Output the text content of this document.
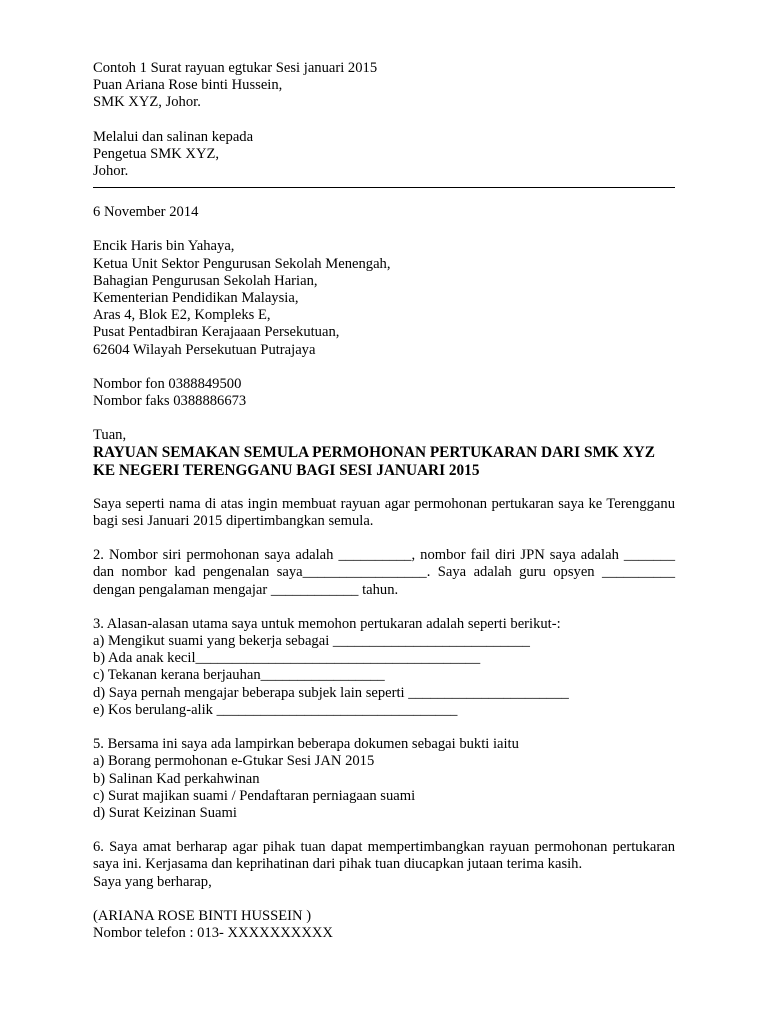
Contoh 1 Surat rayuan egtukar Sesi januari 2015
Puan Ariana Rose binti Hussein,
SMK XYZ, Johor.
Melalui dan salinan kepada
Pengetua SMK XYZ,
Johor.
6 November 2014
Encik Haris bin Yahaya,
Ketua Unit Sektor Pengurusan Sekolah Menengah,
Bahagian Pengurusan Sekolah Harian,
Kementerian Pendidikan Malaysia,
Aras 4, Blok E2, Kompleks E,
Pusat Pentadbiran Kerajaaan Persekutuan,
62604 Wilayah Persekutuan Putrajaya
Nombor fon 0388849500
Nombor faks 0388886673
Tuan,
RAYUAN SEMAKAN SEMULA PERMOHONAN PERTUKARAN DARI SMK XYZ
KE NEGERI TERENGGANU BAGI SESI JANUARI 2015
Saya seperti nama di atas ingin membuat rayuan agar permohonan pertukaran saya ke Terengganu bagi sesi Januari 2015 dipertimbangkan semula.
2. Nombor siri permohonan saya adalah __________, nombor fail diri JPN saya adalah _______ dan nombor kad pengenalan saya_________________. Saya adalah guru opsyen __________ dengan pengalaman mengajar ____________ tahun.
3. Alasan-alasan utama saya untuk memohon pertukaran adalah seperti berikut-:
a) Mengikut suami yang bekerja sebagai ___________________________
b) Ada anak kecil_______________________________________
c) Tekanan kerana berjauhan_________________
d) Saya pernah mengajar beberapa subjek lain seperti ______________________
e) Kos berulang-alik _________________________________
5. Bersama ini saya ada lampirkan beberapa dokumen sebagai bukti iaitu
a) Borang permohonan e-Gtukar Sesi JAN 2015
b) Salinan Kad perkahwinan
c) Surat majikan suami / Pendaftaran perniagaan suami
d) Surat Keizinan Suami
6. Saya amat berharap agar pihak tuan dapat mempertimbangkan rayuan permohonan pertukaran saya ini. Kerjasama dan keprihatinan dari pihak tuan diucapkan jutaan terima kasih.
Saya yang berharap,
(ARIANA ROSE BINTI HUSSEIN )
Nombor telefon : 013- XXXXXXXXXX
